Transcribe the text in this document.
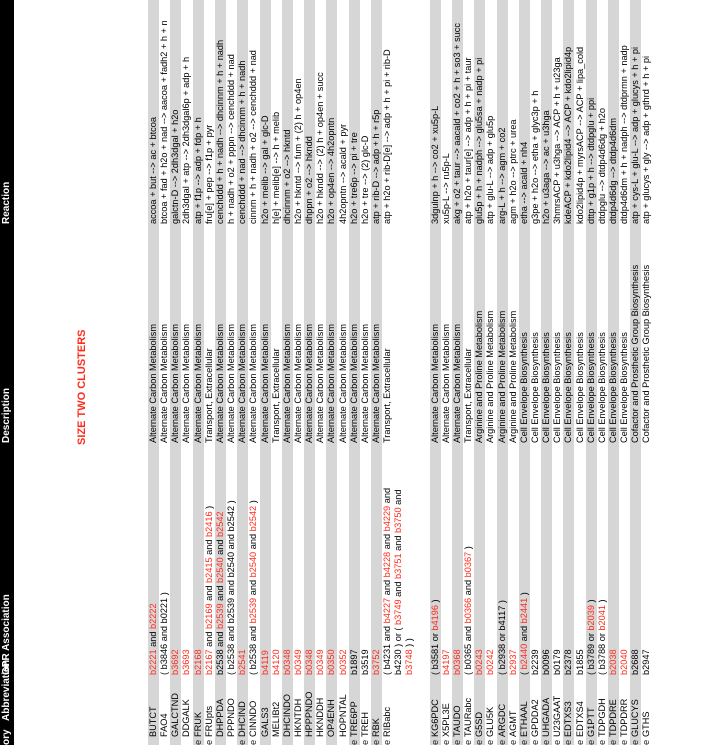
ory
Abbreviation
GPR Association
Description
Reaction
SIZE TWO CLUSTERS
BUTCT
b2221 and b2222
Alternate Carbon Metabolism
accoa + but --> ac + btcoa
FAO4
( b3846 and b0221 )
Alternate Carbon Metabolism
btcoa + fad + h2o + nad --> aacoa + fadh2 + h + n
GALCTND
b3692
Alternate Carbon Metabolism
galctn-D --> 2dh3dgal + h2o
DDGALK
b3693
Alternate Carbon Metabolism
2dh3dgal + atp --> 2dh3dgal6p + adp + h
e
FRUK
b2168
Alternate Carbon Metabolism
atp + f1p --> adp + fdp + h
e
FRUpts
b2167 and b2169 and b2415 and b2416 )
Transport, Extracellular
fru[e] + pep --> f1p + pyr
DHPPDA
b2538 and b2539 and b2540 and b2542
Alternate Carbon Metabolism
cenchddd + h + nadh --> dhcinnm + h + nadh
PPPNDO
( b2538 and b2539 and b2540 and b2542 )
Alternate Carbon Metabolism
h + nadh + o2 + pppn --> cenchddd + nad
e
DHCIND
b2541
Alternate Carbon Metabolism
cenchddd + nad --> dhcinnm + h + nadh
e
CINNDO
( b2538 and b2539 and b2540 and b2542 )
Alternate Carbon Metabolism
cinnm + h + nadh + o2 --> cenchddd + nad
GALS3
b4119
Alternate Carbon Metabolism
h2o + melib --> gal + glc-D
MELIBt2
b4120
Transport, Extracellular
h[e] + melib[e] --> h + melib
DHCINDO
b0348
Alternate Carbon Metabolism
dhcinnm + o2 --> hkntd
HKNTDH
b0349
Alternate Carbon Metabolism
h2o + hkntd --> fum + (2) h + op4en
HPPPNDO
b0348
Alternate Carbon Metabolism
dhppn + o2 --> hkndd
HKNDDH
b0349
Alternate Carbon Metabolism
h2o + hkndd --> (2) h + op4en + succ
OP4ENH
b0350
Alternate Carbon Metabolism
h2o + op4en --> 4h2opntn
HOPNTAL
b0352
Alternate Carbon Metabolism
4h2opntn --> acald + pyr
e
TRE6PP
b1897
Alternate Carbon Metabolism
h2o + tre6p --> pi + tre
e
TREH
b3519
Alternate Carbon Metabolism
h2o + tre --> (2) glc-D
e
RBK
b3752
Alternate Carbon Metabolism
atp + rib-D --> adp + h + r5p
e
RIBabc
( b4231 and b4227 and b4228 and b4229 and
Transport, Extracellular
atp + h2o + rib-D[e] --> adp + h + pi + rib-D
b4230 ) or ( b3749 and b3751 and b3750 and
b3748 ) )
e
KG6PDC
( b3581 or b4196 )
Alternate Carbon Metabolism
3dgulnp + h --> co2 + xu5p-L
e
X5PL3E
b4197
Alternate Carbon Metabolism
xu5p-L --> ru5p-L
e
TAUDO
b0368
Alternate Carbon Metabolism
akg + o2 + taur --> aacald + co2 + h + so3 + succ
e
TAURabc
( b0365 and b0366 and b0367 )
Transport, Extracellular
atp + h2o + taur[e] --> adp + h + pi + taur
e
G5SD
b0243
Arginine and Proline Metabolism
glu5p + h + nadph --> glu5sa + nadp + pi
e
GLU5K
b0242
Arginine and Proline Metabolism
atp + glu-L --> adp + glu5p
e
ARGDC
( b2938 or b4117 )
Arginine and Proline Metabolism
arg-L + h --> agm + co2
e
AGMT
b2937
Arginine and Proline Metabolism
agm + h2o --> ptrc + urea
e
ETHAAL
( b2440 and b2441 )
Cell Envelope Biosynthesis
etha --> acald + nh4
e
GPDDA2
b2239
Cell Envelope Biosynthesis
g3pe + h2o --> etha + glyc3p + h
e
UHGADA
b0096
Cell Envelope Biosynthesis
h2o + u3aga --> ac + u3hga
e
U23GAAT
b0179
Cell Envelope Biosynthesis
3hmrsACP + u3hga --> ACP + h + u23ga
e
EDTXS3
b2378
Cell Envelope Biosynthesis
kdeACP + kdo2lipid4 --> ACP + kdo2lipid4p
e
EDTXS4
b1855
Cell Envelope Biosynthesis
kdo2lipid4p + myrsACP --> ACP + lipa_cold
e
G1PTT
( b3789 or b2039 )
Cell Envelope Biosynthesis
dttp + g1p + h --> dtdpglu + ppi
e
TDPGDH
( b3788 or b2041 )
Cell Envelope Biosynthesis
dtdpglu --> dtdp4d6dg + h2o
e
TDPDRE
b2038
Cell Envelope Biosynthesis
dtdp4d6dg --> dtdp4d6dm
e
TDPDRR
b2040
Cell Envelope Biosynthesis
dtdp4d6dm + h + nadph --> dtdprmn + nadp
e
GLUCYS
b2688
Cofactor and Prosthetic Group Biosynthesis
atp + cys-L + glu-L --> adp + glucys + h + pi
e
GTHS
b2947
Cofactor and Prosthetic Group Biosynthesis
atp + glucys + gly --> adp + gthrd + h + pi
